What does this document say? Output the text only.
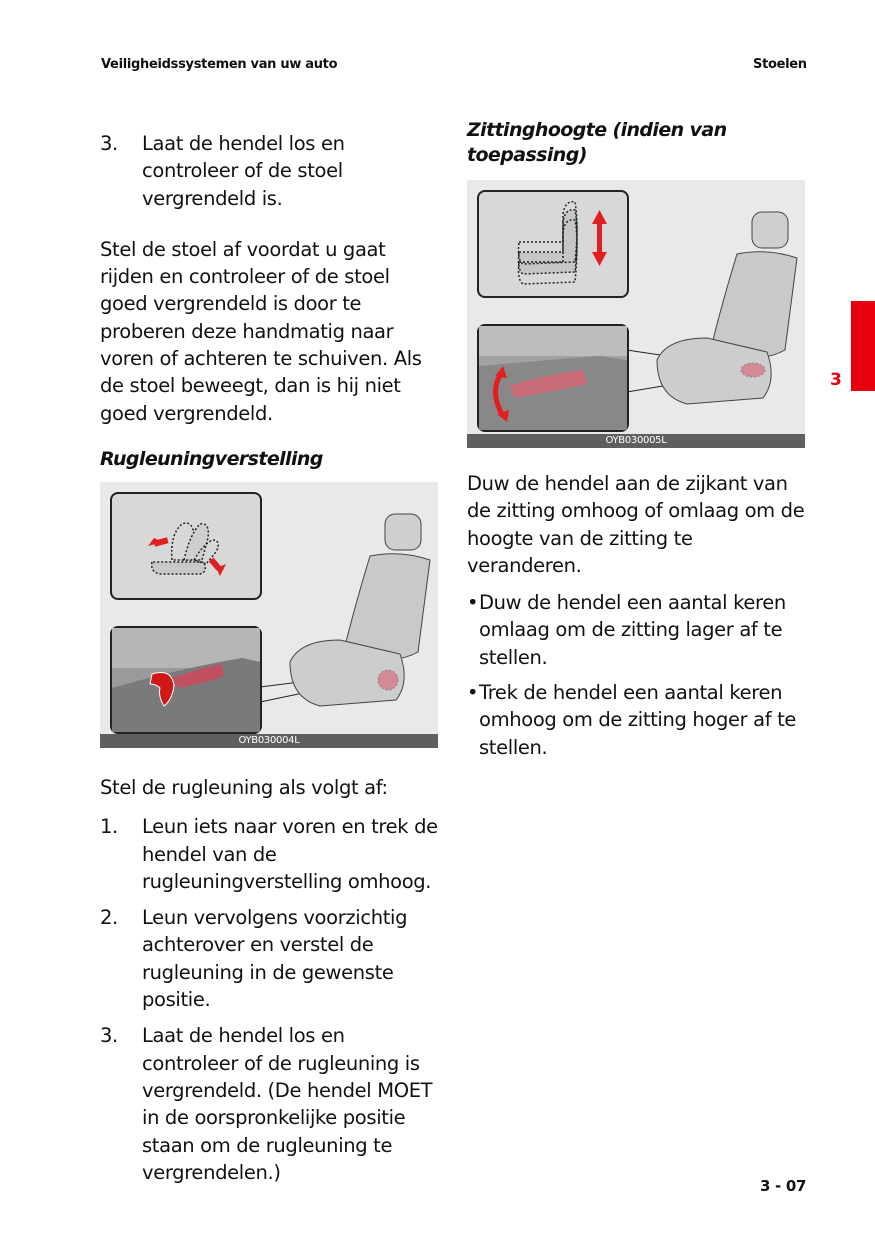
Veiligheidssystemen van uw auto	Stoelen
3
3. Laat de hendel los en controleer of de stoel vergrendeld is.

Stel de stoel af voordat u gaat rijden en controleer of de stoel goed vergrendeld is door te proberen deze handmatig naar voren of achteren te schuiven. Als de stoel beweegt, dan is hij niet goed vergrendeld.

Rugleuningverstelling
OYB030004L

Stel de rugleuning als volgt af:

1. Leun iets naar voren en trek de hendel van de rugleuningverstelling omhoog.
2. Leun vervolgens voorzichtig achterover en verstel de rugleuning in de gewenste positie.
3. Laat de hendel los en controleer of de rugleuning is vergrendeld. (De hendel MOET in de oorspronkelijke positie staan om de rugleuning te vergrendelen.)
Zittinghoogte (indien van toepassing)
OYB030005L

Duw de hendel aan de zijkant van de zitting omhoog of omlaag om de hoogte van de zitting te veranderen.

• Duw de hendel een aantal keren omlaag om de zitting lager af te stellen.
• Trek de hendel een aantal keren omhoog om de zitting hoger af te stellen.
3 - 07
